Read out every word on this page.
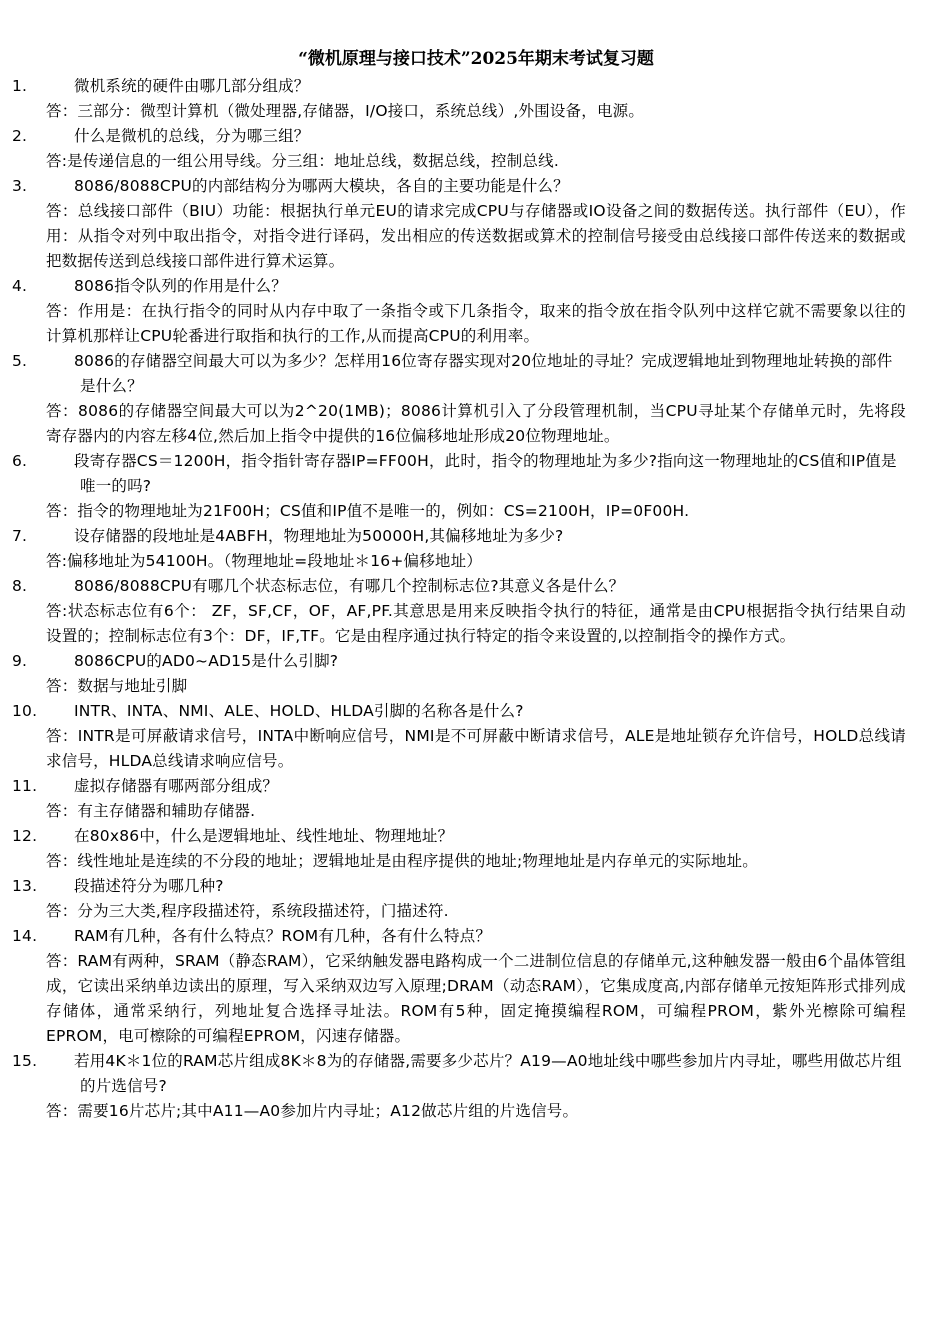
“微机原理与接口技术”2025年期末考试复习题

1.	微机系统的硬件由哪几部分组成？

答：三部分：微型计算机（微处理器,存储器，I/O接口，系统总线）,外围设备，电源。

2.	什么是微机的总线，分为哪三组？

答:是传递信息的一组公用导线。分三组：地址总线，数据总线，控制总线.

3.	8086/8088CPU的内部结构分为哪两大模块，各自的主要功能是什么？

答：总线接口部件（BIU）功能：根据执行单元EU的请求完成CPU与存储器或IO设备之间的数据传送。执行部件（EU），作用：从指令对列中取出指令，对指令进行译码，发出相应的传送数据或算术的控制信号接受由总线接口部件传送来的数据或把数据传送到总线接口部件进行算术运算。

4.	8086指令队列的作用是什么？

答：作用是：在执行指令的同时从内存中取了一条指令或下几条指令，取来的指令放在指令队列中这样它就不需要象以往的计算机那样让CPU轮番进行取指和执行的工作,从而提高CPU的利用率。

5.	8086的存储器空间最大可以为多少？怎样用16位寄存器实现对20位地址的寻址？完成逻辑地址到物理地址转换的部件是什么？

答：8086的存储器空间最大可以为2^20(1MB)；8086计算机引入了分段管理机制，当CPU寻址某个存储单元时，先将段寄存器内的内容左移4位,然后加上指令中提供的16位偏移地址形成20位物理地址。

6.	段寄存器CS＝1200H，指令指针寄存器IP=FF00H，此时，指令的物理地址为多少?指向这一物理地址的CS值和IP值是唯一的吗?

答：指令的物理地址为21F00H；CS值和IP值不是唯一的，例如：CS=2100H，IP=0F00H.

7.	设存储器的段地址是4ABFH，物理地址为50000H,其偏移地址为多少?

答:偏移地址为54100H。（物理地址=段地址＊16+偏移地址）

8.	8086/8088CPU有哪几个状态标志位，有哪几个控制标志位?其意义各是什么？

答:状态标志位有6个： ZF，SF,CF，OF，AF,PF.其意思是用来反映指令执行的特征，通常是由CPU根据指令执行结果自动设置的；控制标志位有3个：DF，IF,TF。它是由程序通过执行特定的指令来设置的,以控制指令的操作方式。

9.	8086CPU的AD0~AD15是什么引脚?

答：数据与地址引脚

10. INTR、INTA、NMI、ALE、HOLD、HLDA引脚的名称各是什么?

答：INTR是可屏蔽请求信号，INTA中断响应信号，NMI是不可屏蔽中断请求信号，ALE是地址锁存允许信号，HOLD总线请求信号，HLDA总线请求响应信号。

11. 虚拟存储器有哪两部分组成？

答：有主存储器和辅助存储器.

12. 在80x86中，什么是逻辑地址、线性地址、物理地址？

答：线性地址是连续的不分段的地址；逻辑地址是由程序提供的地址;物理地址是内存单元的实际地址。

13. 段描述符分为哪几种?

答：分为三大类,程序段描述符，系统段描述符，门描述符.

14. RAM有几种，各有什么特点？ROM有几种，各有什么特点？

答：RAM有两种，SRAM（静态RAM），它采纳触发器电路构成一个二进制位信息的存储单元,这种触发器一般由6个晶体管组成，它读出采纳单边读出的原理，写入采纳双边写入原理;DRAM（动态RAM），它集成度高,内部存储单元按矩阵形式排列成存储体，通常采纳行，列地址复合选择寻址法。ROM有5种，固定掩摸编程ROM，可编程PROM，紫外光檫除可编程EPROM，电可檫除的可编程EPROM，闪速存储器。

15. 若用4K＊1位的RAM芯片组成8K＊8为的存储器,需要多少芯片？A19—A0地址线中哪些参加片内寻址，哪些用做芯片组的片选信号?

答：需要16片芯片;其中A11—A0参加片内寻址；A12做芯片组的片选信号。
